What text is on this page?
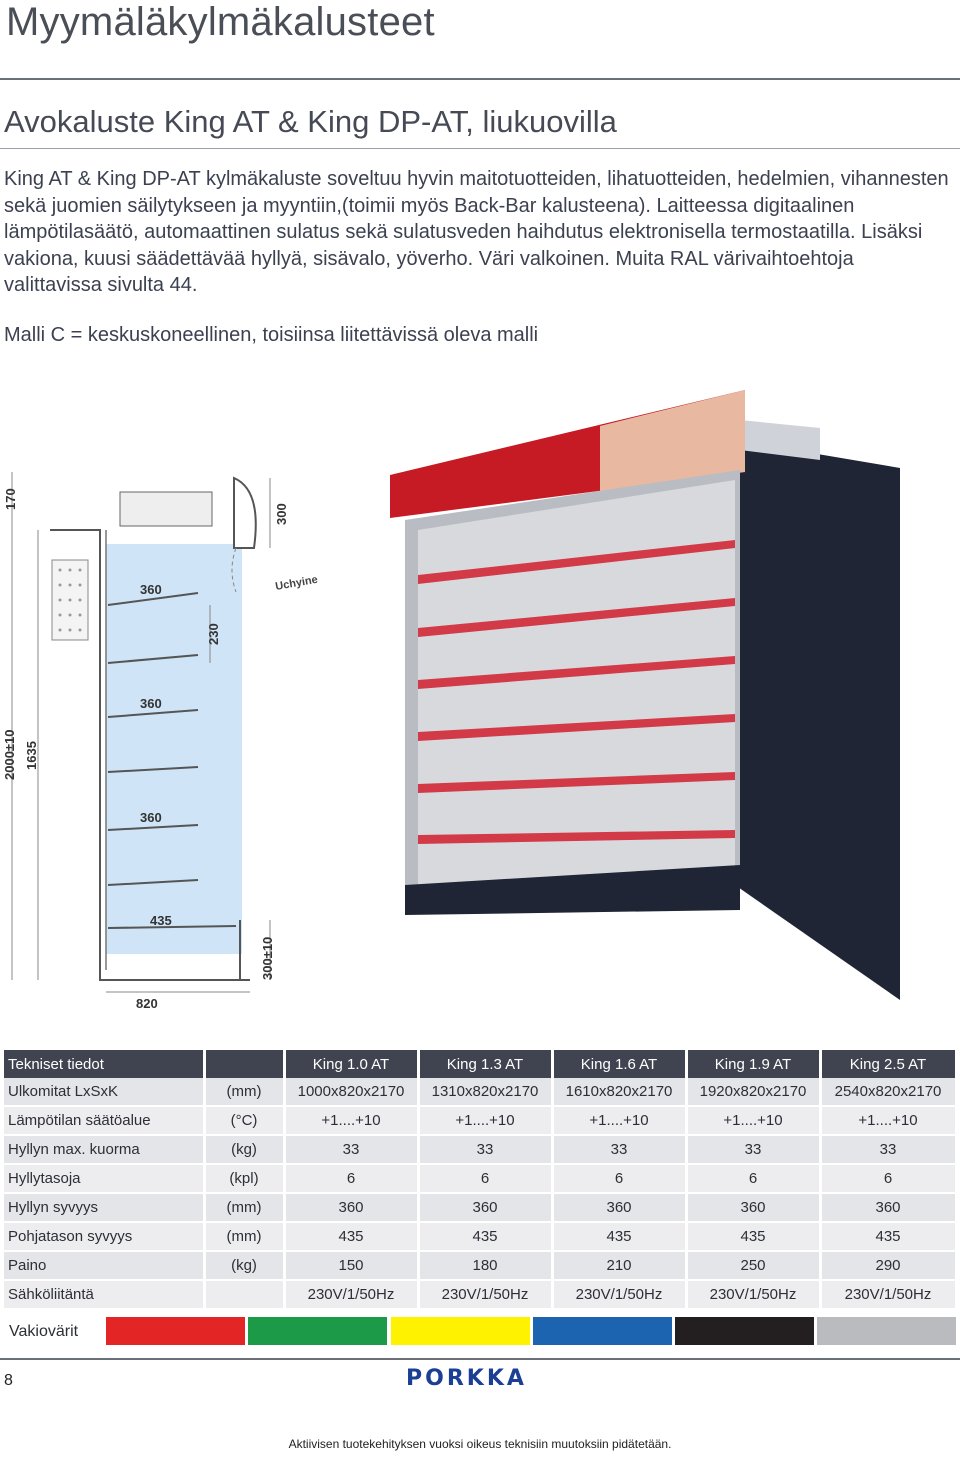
Myymäläkylmäkalusteet
Avokaluste King AT & King DP-AT, liukuovilla

King AT & King DP-AT kylmäkaluste soveltuu hyvin maitotuotteiden, lihatuotteiden, hedelmien, vihannesten sekä juomien säilytykseen ja myyntiin,(toimii myös Back-Bar kalusteena). Laitteessa digitaalinen lämpötilasäätö, automaattinen sulatus sekä sulatusveden haihdutus elektronisella termostaatilla. Lisäksi vakiona, kuusi säädettävää hyllyä, sisävalo, yöverho. Väri valkoinen. Muita RAL värivaihtoehtoja valittavissa sivulta 44.

Malli C = keskuskoneellinen, toisiinsa liitettävissä oleva malli
170
300
Uchyine
360
230
360
2000±10 1635
360
435
300±10
820
Tekniset tiedot		King 1.0 AT	King 1.3 AT	King 1.6 AT	King 1.9 AT	King 2.5 AT
Ulkomitat LxSxK	(mm)	1000x820x2170	1310x820x2170	1610x820x2170	1920x820x2170	2540x820x2170
Lämpötilan säätöalue	(°C)	+1....+10	+1....+10	+1....+10	+1....+10	+1....+10
Hyllyn max. kuorma	(kg)	33	33	33	33	33
Hyllytasoja	(kpl)	6	6	6	6	6
Hyllyn syvyys	(mm)	360	360	360	360	360
Pohjatason syvyys	(mm)	435	435	435	435	435
Paino	(kg)	150	180	210	250	290
Sähköliitäntä		230V/1/50Hz	230V/1/50Hz	230V/1/50Hz	230V/1/50Hz	230V/1/50Hz
Vakiovärit
8	PORKKA
Aktiivisen tuotekehityksen vuoksi oikeus teknisiin muutoksiin pidätetään.
